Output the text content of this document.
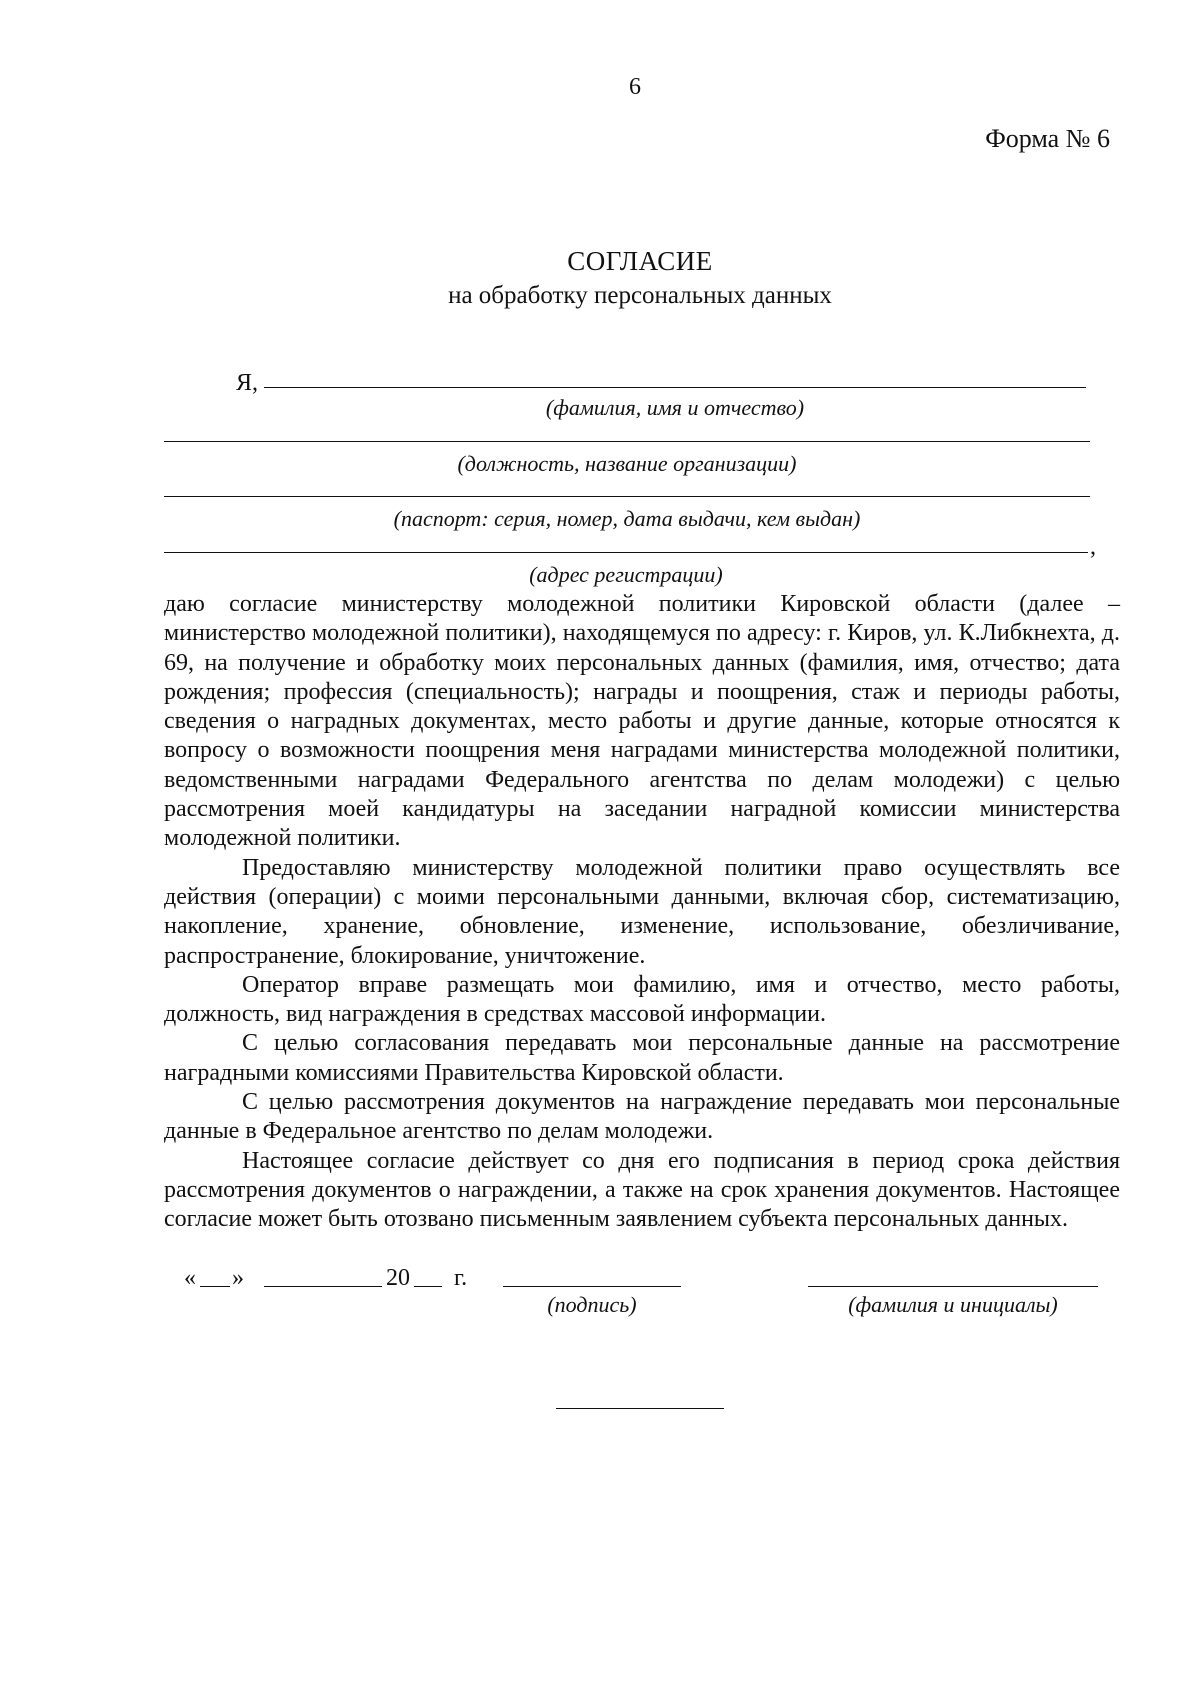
6
Форма № 6
СОГЛАСИЕ
на обработку персональных данных
Я,
(фамилия, имя и отчество)
(должность, название организации)
(паспорт: серия, номер, дата выдачи, кем выдан)
,
(адрес регистрации)

даю согласие министерству молодежной политики Кировской области (далее – министерство молодежной политики), находящемуся по адресу: г. Киров, ул. К.Либкнехта, д. 69, на получение и обработку моих персональных данных (фамилия, имя, отчество; дата рождения; профессия (специальность); награды и поощрения, стаж и периоды работы, сведения о наградных документах, место работы и другие данные, которые относятся к вопросу о возможности поощрения меня наградами министерства молодежной политики, ведомственными наградами Федерального агентства по делам молодежи) с целью рассмотрения моей кандидатуры на заседании наградной комиссии министерства молодежной политики.

Предоставляю министерству молодежной политики право осуществлять все действия (операции) с моими персональными данными, включая сбор, систематизацию, накопление, хранение, обновление, изменение, использование, обезличивание, распространение, блокирование, уничтожение.

Оператор вправе размещать мои фамилию, имя и отчество, место работы, должность, вид награждения в средствах массовой информации.

С целью согласования передавать мои персональные данные на рассмотрение наградными комиссиями Правительства Кировской области.

С целью рассмотрения документов на награждение передавать мои персональные данные в Федеральное агентство по делам молодежи.

Настоящее согласие действует со дня его подписания в период срока действия рассмотрения документов о награждении, а также на срок хранения документов. Настоящее согласие может быть отозвано письменным заявлением субъекта персональных данных.

« »	20 г.
(подпись)	(фамилия и инициалы)
